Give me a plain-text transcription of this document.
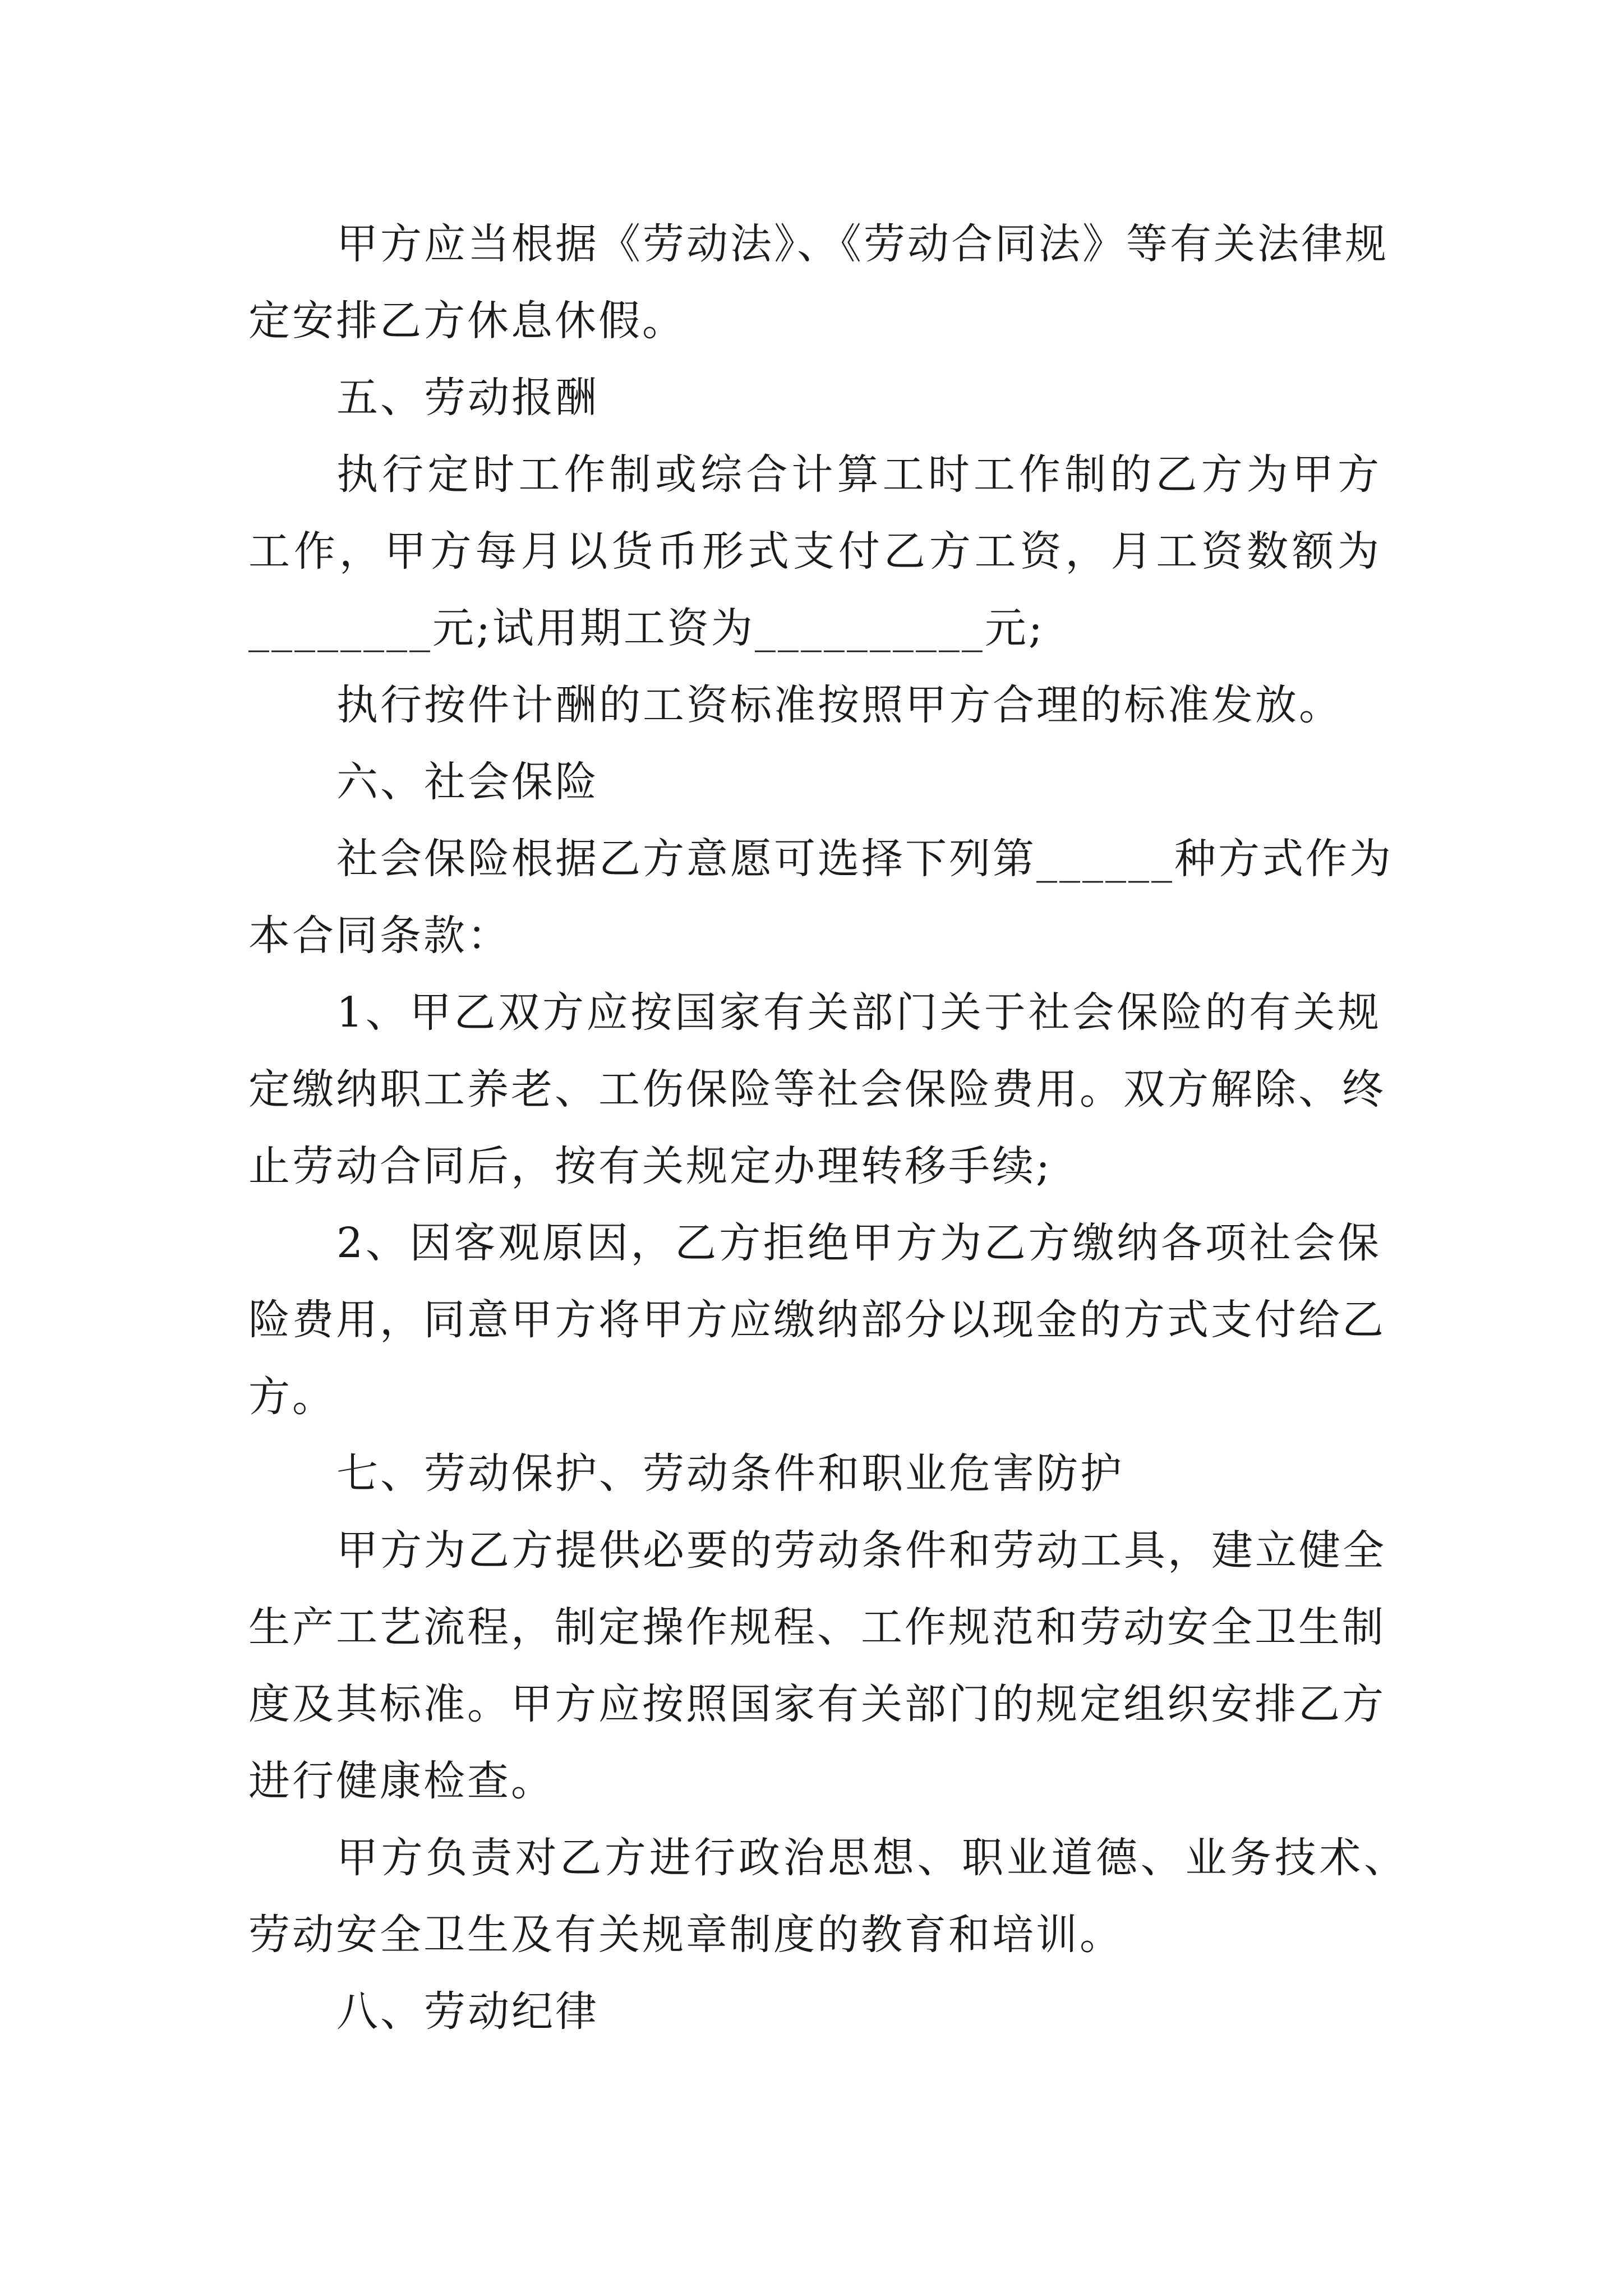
甲方应当根据《劳动法》、《劳动合同法》等有关法律规

定安排乙方休息休假。

五、劳动报酬

执行定时工作制或综合计算工时工作制的乙方为甲方

工作，甲方每月以货币形式支付乙方工资，月工资数额为

________元;试用期工资为__________元;

执行按件计酬的工资标准按照甲方合理的标准发放。

六、社会保险

社会保险根据乙方意愿可选择下列第______种方式作为

本合同条款：

1、甲乙双方应按国家有关部门关于社会保险的有关规

定缴纳职工养老、工伤保险等社会保险费用。双方解除、终

止劳动合同后，按有关规定办理转移手续;

2、因客观原因，乙方拒绝甲方为乙方缴纳各项社会保

险费用，同意甲方将甲方应缴纳部分以现金的方式支付给乙

方。

七、劳动保护、劳动条件和职业危害防护

甲方为乙方提供必要的劳动条件和劳动工具，建立健全

生产工艺流程，制定操作规程、工作规范和劳动安全卫生制

度及其标准。甲方应按照国家有关部门的规定组织安排乙方

进行健康检查。

甲方负责对乙方进行政治思想、职业道德、业务技术、

劳动安全卫生及有关规章制度的教育和培训。

八、劳动纪律
